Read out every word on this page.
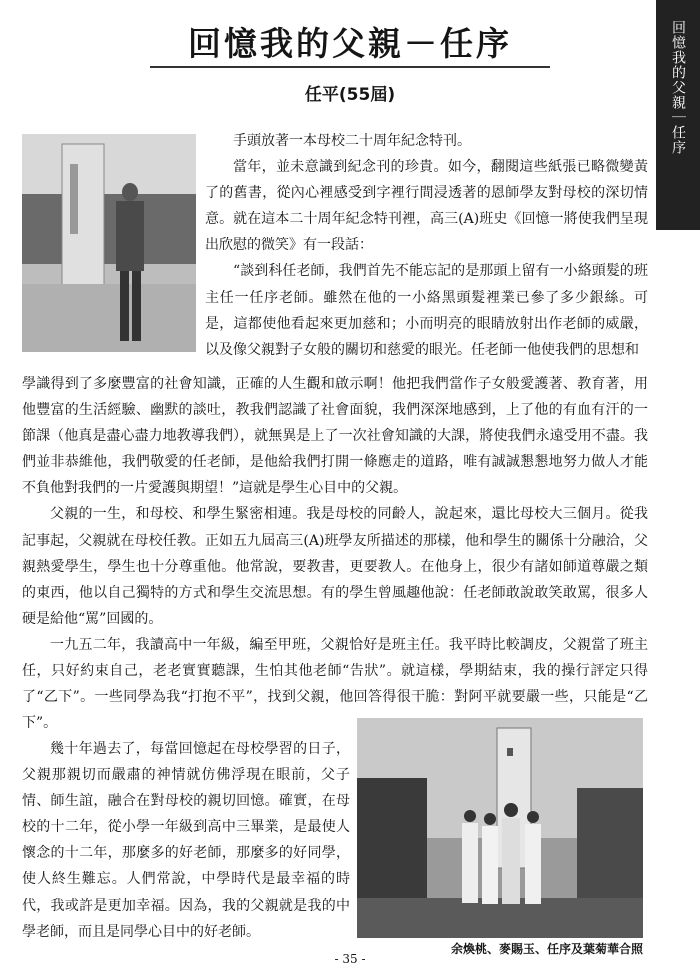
回憶我的父親－任序
任平(55屆)	回憶我的父親｜任序

手頭放著一本母校二十周年紀念特刊。

當年，並未意識到紀念刊的珍貴。如今，翻閱這些紙張已略微變黃了的舊書，從內心裡感受到字裡行間浸透著的恩師學友對母校的深切情意。就在這本二十周年紀念特刊裡，高三(A)班史《回憶一將使我們呈現出欣慰的微笑》有一段話：

“談到科任老師，我們首先不能忘記的是那頭上留有一小絡頭髮的班主任一任序老師。雖然在他的一小絡黑頭髮裡業已參了多少銀絲。可是，這都使他看起來更加慈和；小而明亮的眼睛放射出作老師的威嚴，以及像父親對子女般的關切和慈愛的眼光。任老師一他使我們的思想和

學識得到了多麼豐富的社會知識，正確的人生觀和啟示啊！他把我們當作子女般愛護著、教育著，用他豐富的生活經驗、幽默的談吐，教我們認識了社會面貌，我們深深地感到，上了他的有血有汗的一節課（他真是盡心盡力地教導我們），就無異是上了一次社會知識的大課，將使我們永遠受用不盡。我們並非恭維他，我們敬愛的任老師，是他給我們打開一條應走的道路，唯有誠誠懇懇地努力做人才能不負他對我們的一片愛護與期望！”這就是學生心目中的父親。

父親的一生，和母校、和學生緊密相連。我是母校的同齡人，說起來，還比母校大三個月。從我記事起，父親就在母校任教。正如五九屆高三(A)班學友所描述的那樣，他和學生的關係十分融洽，父親熱愛學生，學生也十分尊重他。他常說，要教書，更要教人。在他身上，很少有諸如師道尊嚴之類的東西，他以自己獨特的方式和學生交流思想。有的學生曾風趣他說：任老師敢說敢笑敢罵，很多人硬是給他“罵”回國的。

一九五二年，我讀高中一年級，編至甲班，父親恰好是班主任。我平時比較調皮，父親當了班主任，只好約束自己，老老實實聽課，生怕其他老師“告狀”。就這樣，學期結束，我的操行評定只得了“乙下”。一些同學為我“打抱不平”，找到父親，他回答得很干脆：對阿平就要嚴一些，只能是“乙下”。

幾十年過去了，每當回憶起在母校學習的日子，父親那親切而嚴肅的神情就仿佛浮現在眼前，父子情、師生誼，融合在對母校的親切回憶。確實，在母校的十二年，從小學一年級到高中三畢業，是最使人懷念的十二年，那麼多的好老師，那麼多的好同學，使人終生難忘。人們常說，中學時代是最幸福的時代，我或許是更加幸福。因為，我的父親就是我的中學老師，而且是同學心目中的好老師。

余煥桃、麥賜玉、任序及葉菊華合照
- 35 -
